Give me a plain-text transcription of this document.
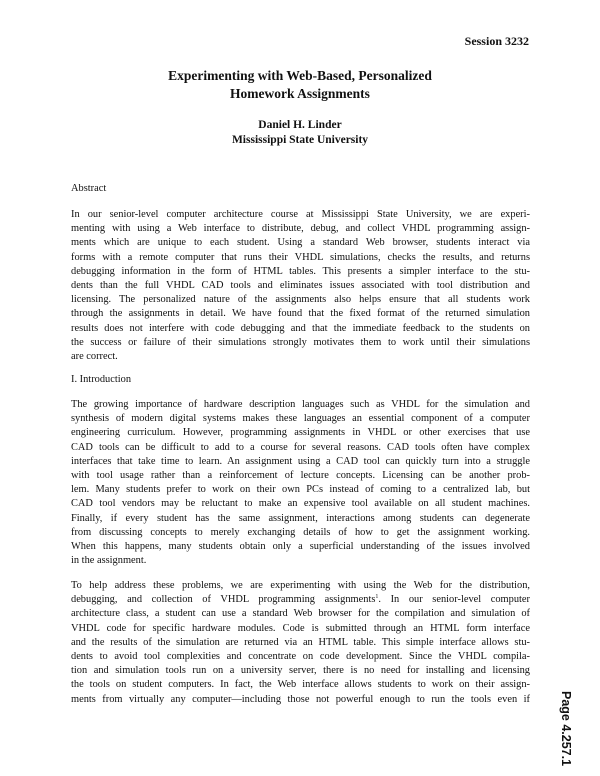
Session 3232
Experimenting with Web-Based, Personalized
Homework Assignments
Daniel H. Linder
Mississippi State University
Abstract
In our senior-level computer architecture course at Mississippi State University, we are experi-
menting with using a Web interface to distribute, debug, and collect VHDL programming assign-
ments which are unique to each student. Using a standard Web browser, students interact via
forms with a remote computer that runs their VHDL simulations, checks the results, and returns
debugging information in the form of HTML tables. This presents a simpler interface to the stu-
dents than the full VHDL CAD tools and eliminates issues associated with tool distribution and
licensing. The personalized nature of the assignments also helps ensure that all students work
through the assignments in detail. We have found that the fixed format of the returned simulation
results does not interfere with code debugging and that the immediate feedback to the students on
the success or failure of their simulations strongly motivates them to work until their simulations
are correct.
I. Introduction
The growing importance of hardware description languages such as VHDL for the simulation and
synthesis of modern digital systems makes these languages an essential component of a computer
engineering curriculum. However, programming assignments in VHDL or other exercises that use
CAD tools can be difficult to add to a course for several reasons. CAD tools often have complex
interfaces that take time to learn. An assignment using a CAD tool can quickly turn into a struggle
with tool usage rather than a reinforcement of lecture concepts. Licensing can be another prob-
lem. Many students prefer to work on their own PCs instead of coming to a centralized lab, but
CAD tool vendors may be reluctant to make an expensive tool available on all student machines.
Finally, if every student has the same assignment, interactions among students can degenerate
from discussing concepts to merely exchanging details of how to get the assignment working.
When this happens, many students obtain only a superficial understanding of the issues involved
in the assignment.
To help address these problems, we are experimenting with using the Web for the distribution,
debugging, and collection of VHDL programming assignments$^1$. In our senior-level computer
architecture class, a student can use a standard Web browser for the compilation and simulation of
VHDL code for specific hardware modules. Code is submitted through an HTML form interface
and the results of the simulation are returned via an HTML table. This simple interface allows stu-
dents to avoid tool complexities and concentrate on code development. Since the VHDL compila-
tion and simulation tools run on a university server, there is no need for installing and licensing
the tools on student computers. In fact, the Web interface allows students to work on their assign-
ments from virtually any computer—including those not powerful enough to run the tools even if Page 4.257.1
